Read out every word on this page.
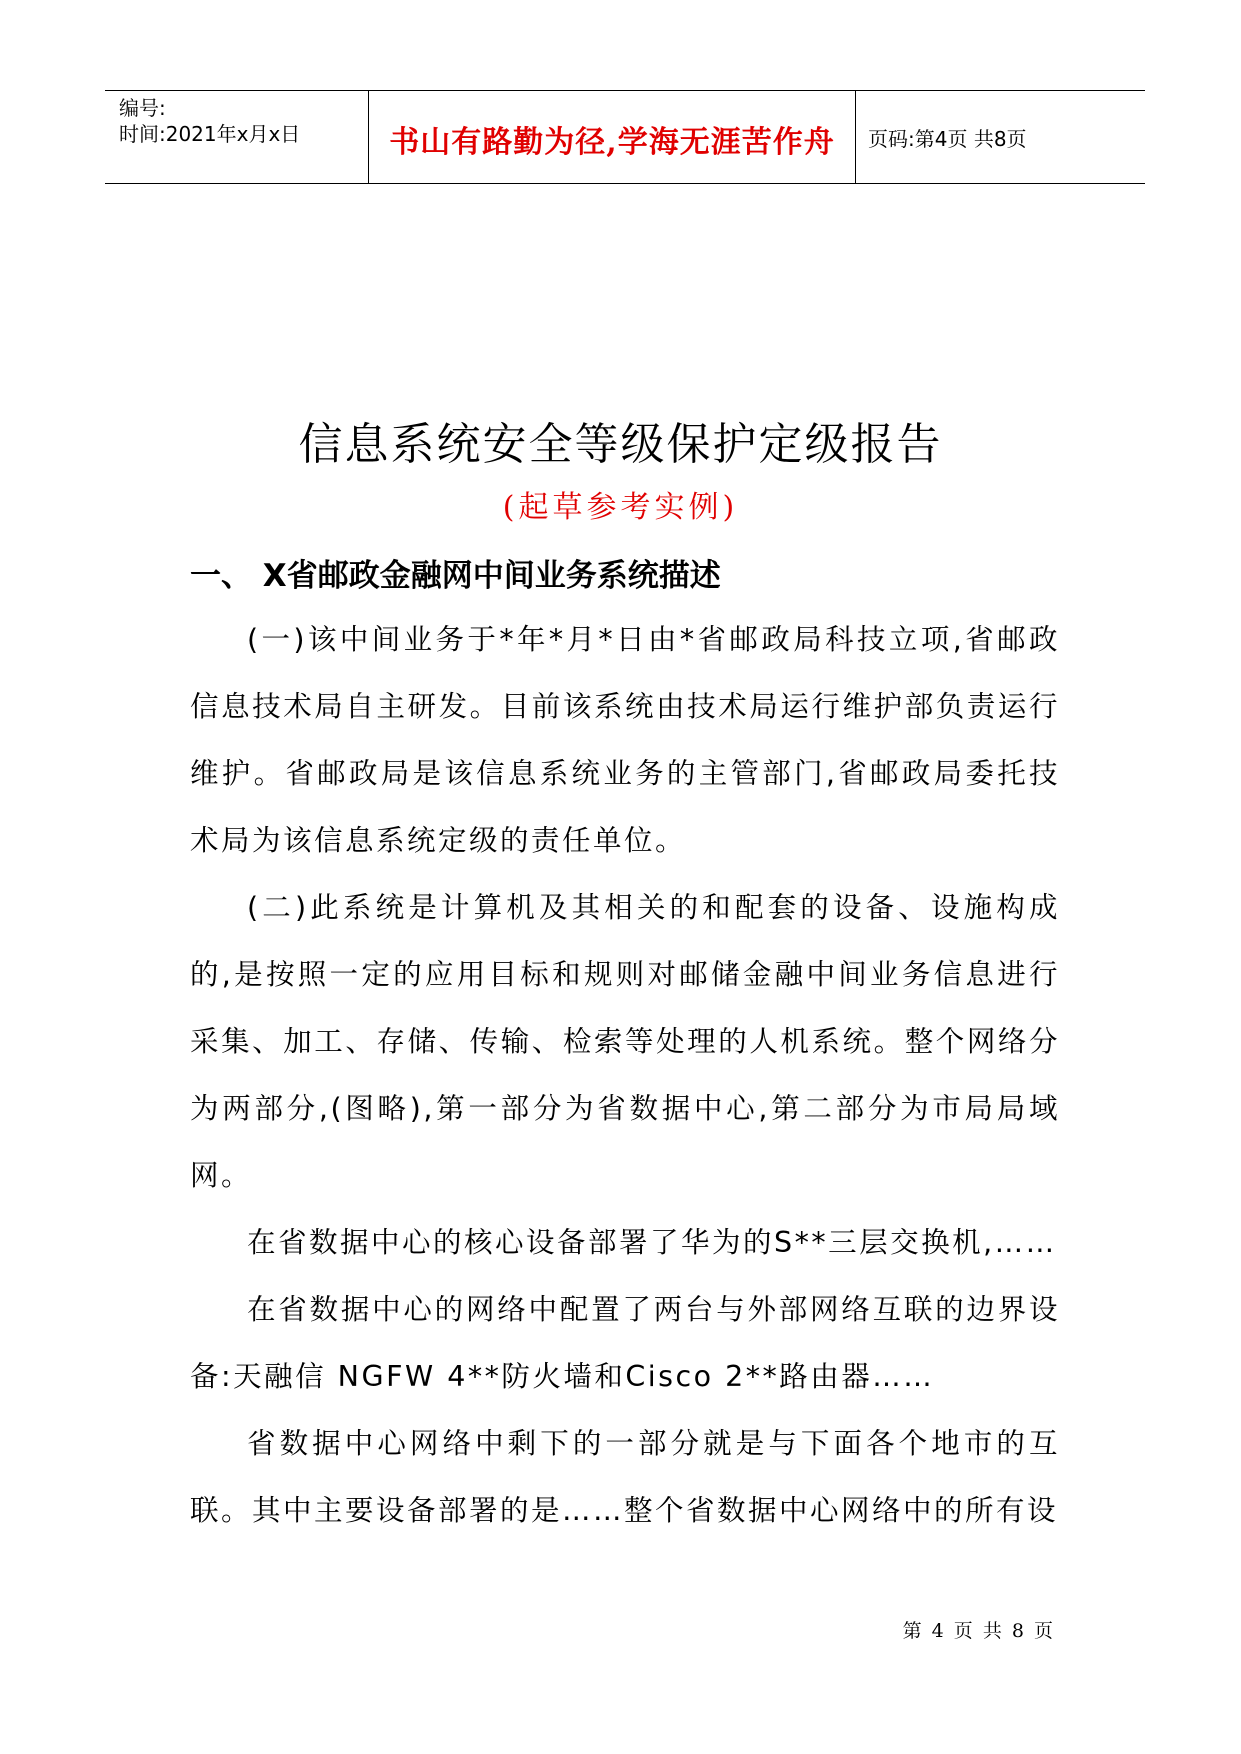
编号:
时间:2021年x月x日	书山有路勤为径,学海无涯苦作舟	页码:第4页 共8页
信息系统安全等级保护定级报告
(起草参考实例)
一、 X省邮政金融网中间业务系统描述

(一)该中间业务于*年*月*日由*省邮政局科技立项,省邮政信息技术局自主研发。目前该系统由技术局运行维护部负责运行维护。省邮政局是该信息系统业务的主管部门,省邮政局委托技术局为该信息系统定级的责任单位。

(二)此系统是计算机及其相关的和配套的设备、设施构成的,是按照一定的应用目标和规则对邮储金融中间业务信息进行采集、加工、存储、传输、检索等处理的人机系统。整个网络分为两部分,(图略),第一部分为省数据中心,第二部分为市局局域网。

在省数据中心的核心设备部署了华为的S**三层交换机,……

在省数据中心的网络中配置了两台与外部网络互联的边界设备:天融信 NGFW 4**防火墙和Cisco 2**路由器……

省数据中心网络中剩下的一部分就是与下面各个地市的互联。其中主要设备部署的是……整个省数据中心网络中的所有设

第 4 页 共 8 页
